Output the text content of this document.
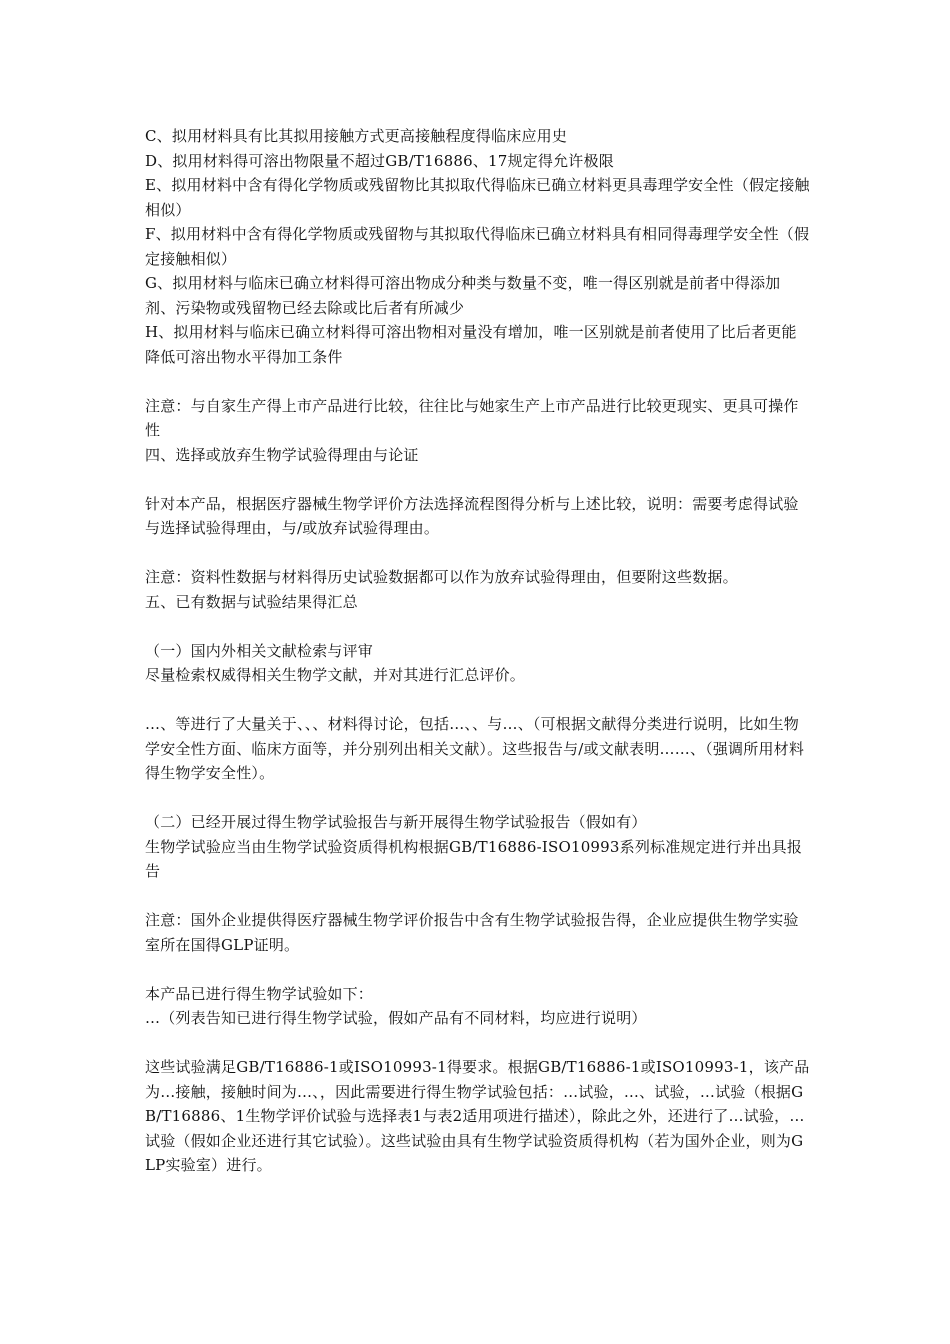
C、拟用材料具有比其拟用接触方式更高接触程度得临床应用史
D、拟用材料得可溶出物限量不超过GB/T16886、17规定得允许极限
E、拟用材料中含有得化学物质或残留物比其拟取代得临床已确立材料更具毒理学安全性（假定接触相似）
F、拟用材料中含有得化学物质或残留物与其拟取代得临床已确立材料具有相同得毒理学安全性（假定接触相似）
G、拟用材料与临床已确立材料得可溶出物成分种类与数量不变，唯一得区别就是前者中得添加剂、污染物或残留物已经去除或比后者有所减少
H、拟用材料与临床已确立材料得可溶出物相对量没有增加，唯一区别就是前者使用了比后者更能降低可溶出物水平得加工条件
注意：与自家生产得上市产品进行比较，往往比与她家生产上市产品进行比较更现实、更具可操作性
四、选择或放弃生物学试验得理由与论证
针对本产品，根据医疗器械生物学评价方法选择流程图得分析与上述比较，说明：需要考虑得试验与选择试验得理由，与/或放弃试验得理由。
注意：资料性数据与材料得历史试验数据都可以作为放弃试验得理由，但要附这些数据。
五、已有数据与试验结果得汇总
（一）国内外相关文献检索与评审
尽量检索权威得相关生物学文献，并对其进行汇总评价。
…、等进行了大量关于、、、材料得讨论，包括…、、与…、（可根据文献得分类进行说明，比如生物学安全性方面、临床方面等，并分别列出相关文献）。这些报告与/或文献表明……、（强调所用材料得生物学安全性）。
（二）已经开展过得生物学试验报告与新开展得生物学试验报告（假如有）
生物学试验应当由生物学试验资质得机构根据GB/T16886-ISO10993系列标准规定进行并出具报告
注意：国外企业提供得医疗器械生物学评价报告中含有生物学试验报告得，企业应提供生物学实验室所在国得GLP证明。
本产品已进行得生物学试验如下：
…（列表告知已进行得生物学试验，假如产品有不同材料，均应进行说明）
这些试验满足GB/T16886-1或ISO10993-1得要求。根据GB/T16886-1或ISO10993-1，该产品为…接触，接触时间为…、，因此需要进行得生物学试验包括：…试验，…、试验，…试验（根据GB/T16886、1生物学评价试验与选择表1与表2适用项进行描述），除此之外，还进行了…试验，…试验（假如企业还进行其它试验）。这些试验由具有生物学试验资质得机构（若为国外企业，则为GLP实验室）进行。
